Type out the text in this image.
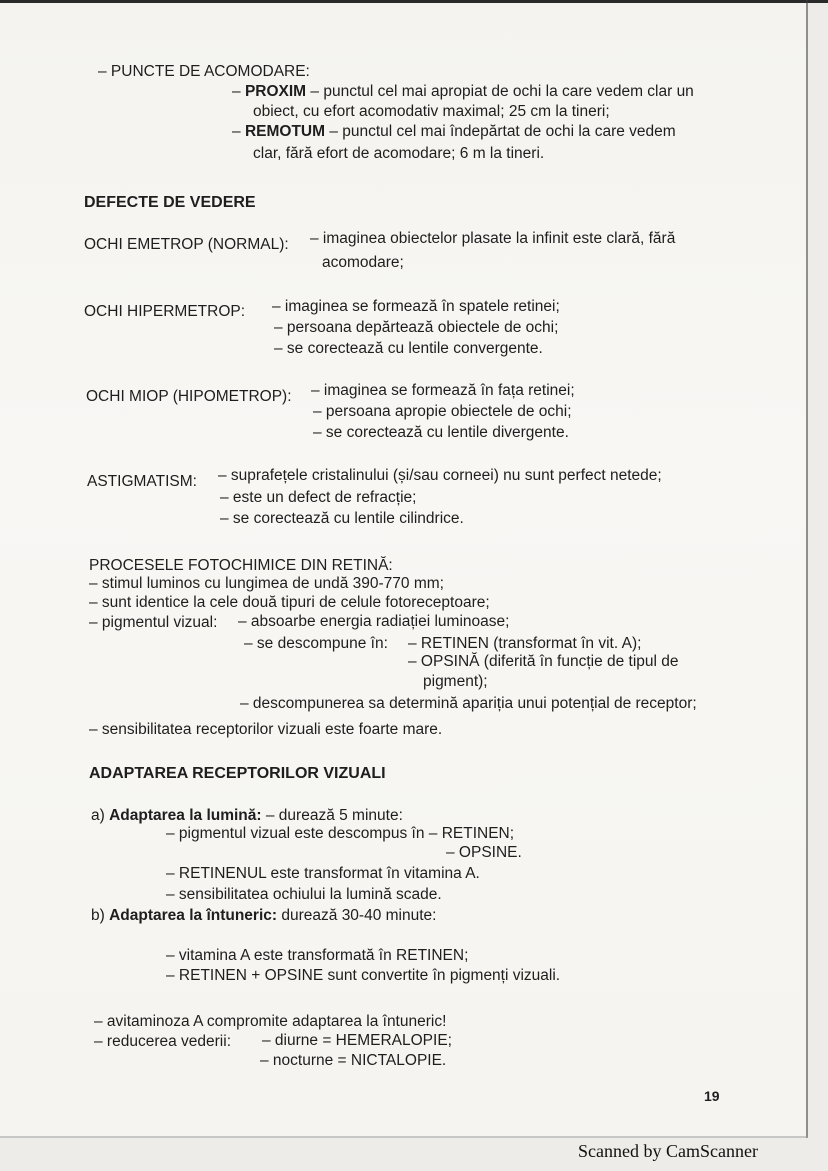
– PUNCTE DE ACOMODARE:
– PROXIM – punctul cel mai apropiat de ochi la care vedem clar un
obiect, cu efort acomodativ maximal; 25 cm la tineri;
– REMOTUM – punctul cel mai îndepărtat de ochi la care vedem
clar, fără efort de acomodare; 6 m la tineri.
DEFECTE DE VEDERE
OCHI EMETROP (NORMAL): – imaginea obiectelor plasate la infinit este clară, fără
acomodare;
OCHI HIPERMETROP: – imaginea se formează în spatele retinei;
– persoana depărtează obiectele de ochi;
– se corectează cu lentile convergente.
OCHI MIOP (HIPOMETROP): – imaginea se formează în fața retinei;
– persoana apropie obiectele de ochi;
– se corectează cu lentile divergente.
ASTIGMATISM: – suprafețele cristalinului (și/sau corneei) nu sunt perfect netede;
– este un defect de refracție;
– se corectează cu lentile cilindrice.
PROCESELE FOTOCHIMICE DIN RETINĂ:
– stimul luminos cu lungimea de undă 390-770 mm;
– sunt identice la cele două tipuri de celule fotoreceptoare;
– pigmentul vizual: – absoarbe energia radiației luminoase;
– se descompune în: – RETINEN (transformat în vit. A);
– OPSINĂ (diferită în funcție de tipul de
pigment);
– descompunerea sa determină apariția unui potențial de receptor;
– sensibilitatea receptorilor vizuali este foarte mare.
ADAPTAREA RECEPTORILOR VIZUALI
a) Adaptarea la lumină: – durează 5 minute:
– pigmentul vizual este descompus în – RETINEN;
– OPSINE.
– RETINENUL este transformat în vitamina A.
– sensibilitatea ochiului la lumină scade.
b) Adaptarea la întuneric: durează 30-40 minute:
– vitamina A este transformată în RETINEN;
– RETINEN + OPSINE sunt convertite în pigmenți vizuali.
– avitaminoza A compromite adaptarea la întuneric!
– reducerea vederii: – diurne = HEMERALOPIE;
– nocturne = NICTALOPIE.
19
Scanned by CamScanner
